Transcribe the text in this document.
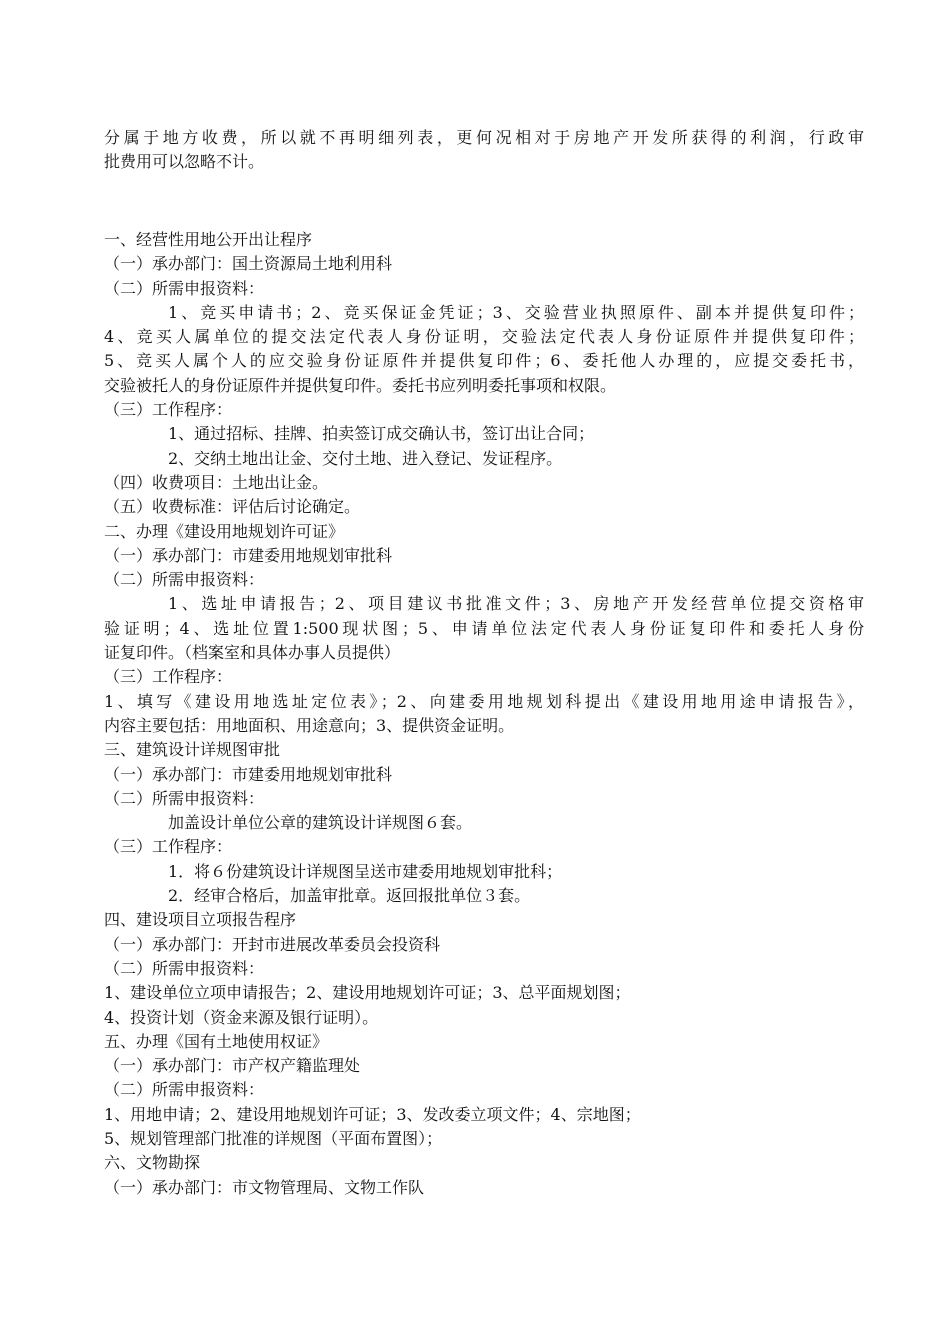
分属于地方收费，所以就不再明细列表，更何况相对于房地产开发所获得的利润，行政审
批费用可以忽略不计。
一、经营性用地公开出让程序
（一）承办部门：国土资源局土地利用科
（二）所需申报资料：
1、竞买申请书；2、竞买保证金凭证；3、交验营业执照原件、副本并提供复印件；
4、竞买人属单位的提交法定代表人身份证明，交验法定代表人身份证原件并提供复印件；
5、竞买人属个人的应交验身份证原件并提供复印件；6、委托他人办理的，应提交委托书，
交验被托人的身份证原件并提供复印件。委托书应列明委托事项和权限。
（三）工作程序：
1、通过招标、挂牌、拍卖签订成交确认书，签订出让合同；
2、交纳土地出让金、交付土地、进入登记、发证程序。
（四）收费项目：土地出让金。
（五）收费标准：评估后讨论确定。
二、办理《建设用地规划许可证》
（一）承办部门：市建委用地规划审批科
（二）所需申报资料：
1、选址申请报告；2、项目建议书批准文件；3、房地产开发经营单位提交资格审
验证明；4、选址位置1:500现状图；5、申请单位法定代表人身份证复印件和委托人身份
证复印件。（档案室和具体办事人员提供）
（三）工作程序：
1、填写《建设用地选址定位表》；2、向建委用地规划科提出《建设用地用途申请报告》，
内容主要包括：用地面积、用途意向；3、提供资金证明。
三、建筑设计详规图审批
（一）承办部门：市建委用地规划审批科
（二）所需申报资料：
加盖设计单位公章的建筑设计详规图６套。
（三）工作程序：
1．将６份建筑设计详规图呈送市建委用地规划审批科；
2．经审合格后，加盖审批章。返回报批单位３套。
四、建设项目立项报告程序
（一）承办部门：开封市进展改革委员会投资科
（二）所需申报资料：
1、建设单位立项申请报告；2、建设用地规划许可证；3、总平面规划图；
4、投资计划（资金来源及银行证明）。
五、办理《国有土地使用权证》
（一）承办部门：市产权产籍监理处
（二）所需申报资料：
1、用地申请；2、建设用地规划许可证；3、发改委立项文件；4、宗地图；
5、规划管理部门批准的详规图（平面布置图）；
六、文物勘探
（一）承办部门：市文物管理局、文物工作队
